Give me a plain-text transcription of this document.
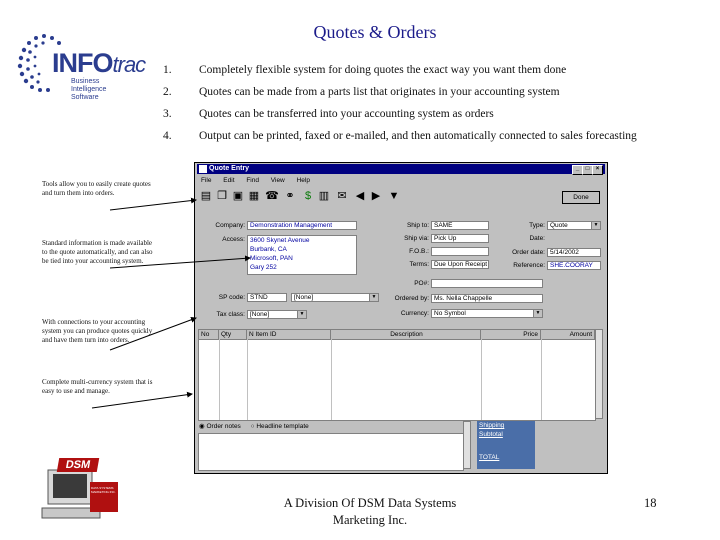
Quotes & Orders
INFOtrac
Business
Intelligence
Software
1. Completely flexible system for doing quotes the exact way you want them done
2. Quotes can be made from a parts list that originates in your accounting system
3. Quotes can be transferred into your accounting system as orders
4. Output can be printed, faxed or e-mailed, and then automatically connected to sales forecasting
Tools allow you to easily create quotes and turn them into orders.
Standard information is made available to the quote automatically, and can also be tied into your accounting system.
With connections to your accounting system you can produce quotes quickly and have them turn into orders.
Complete multi-currency system that is easy to use and manage.
Quote Entry	_	□	×
File Edit Find View Help
▤ ❐ ▣ ▦ ☎ ⚭ $ ▥ ✉ ◀ ▶ ▼	Done
Company: Demonstration Management
Access: 3600 Skynet Avenue
Burbank, CA
Microsoft, PAN
Gary 252
Ship to: SAME
Ship via: Pick Up
F.O.B.:
Terms: Due Upon Receipt
PO#:
Ordered by: Ms. Nella Chappelle
Currency: No Symbol	▼
Type: Quote	▼
Date:
Order date: 5/14/2002
Reference: SHE.COORAY
SP code: STND	[None]	▼
Tax class: [None]	▼
No	Qty	N Item ID	Description	Price	Amount
◉ Order notes ○ Headline template	Shipping
Subtotal
TOTAL
DSM
DATA SYSTEMS MARKETING INC.
A Division Of DSM Data Systems
Marketing Inc.
18
